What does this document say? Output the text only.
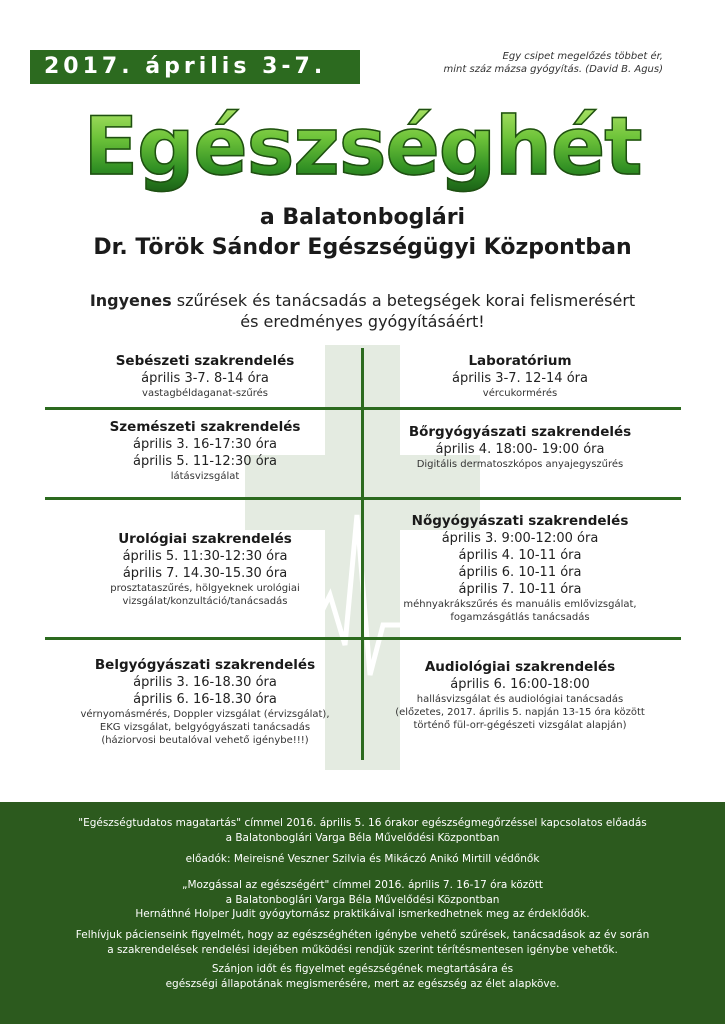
2017. április 3-7.	Egy csipet megelőzés többet ér,
mint száz mázsa gyógyítás. (David B. Agus)
Egészséghét
a Balatonboglári
Dr. Török Sándor Egészségügyi Központban
Ingyenes szűrések és tanácsadás a betegségek korai felismerésért
és eredményes gyógyításáért!
Sebészeti szakrendelés
április 3-7. 8-14 óra
vastagbéldaganat-szűrés
Laboratórium
április 3-7. 12-14 óra
vércukormérés
Szemészeti szakrendelés
április 3. 16-17:30 óra
április 5. 11-12:30 óra
látásvizsgálat
Bőrgyógyászati szakrendelés
április 4. 18:00- 19:00 óra
Digitális dermatoszkópos anyajegyszűrés
Urológiai szakrendelés
április 5. 11:30-12:30 óra
április 7. 14.30-15.30 óra
prosztataszűrés, hölgyeknek urológiai
vizsgálat/konzultáció/tanácsadás
Nőgyógyászati szakrendelés
április 3. 9:00-12:00 óra
április 4. 10-11 óra
április 6. 10-11 óra
április 7. 10-11 óra
méhnyakrákszűrés és manuális emlővizsgálat,
fogamzásgátlás tanácsadás
Belgyógyászati szakrendelés
április 3. 16-18.30 óra
április 6. 16-18.30 óra
vérnyomásmérés, Doppler vizsgálat (érvizsgálat),
EKG vizsgálat, belgyógyászati tanácsadás
(háziorvosi beutalóval vehető igénybe!!!)
Audiológiai szakrendelés
április 6. 16:00-18:00
hallásvizsgálat és audiológiai tanácsadás
(előzetes, 2017. április 5. napján 13-15 óra között
történő fül-orr-gégészeti vizsgálat alapján)

"Egészségtudatos magatartás" címmel 2016. április 5. 16 órakor egészségmegőrzéssel kapcsolatos előadás

a Balatonboglári Varga Béla Művelődési Központban

előadók: Meireisné Veszner Szilvia és Mikáczó Anikó Mirtill védőnők

„Mozgással az egészségért" címmel 2016. április 7. 16-17 óra között

a Balatonboglári Varga Béla Művelődési Központban

Hernáthné Holper Judit gyógytornász praktikáival ismerkedhetnek meg az érdeklődők.

Felhívjuk pácienseink figyelmét, hogy az egészséghéten igénybe vehető szűrések, tanácsadások az év során

a szakrendelések rendelési idejében működési rendjük szerint térítésmentesen igénybe vehetők.

Szánjon időt és figyelmet egészségének megtartására és

egészségi állapotának megismerésére, mert az egészség az élet alapköve.
